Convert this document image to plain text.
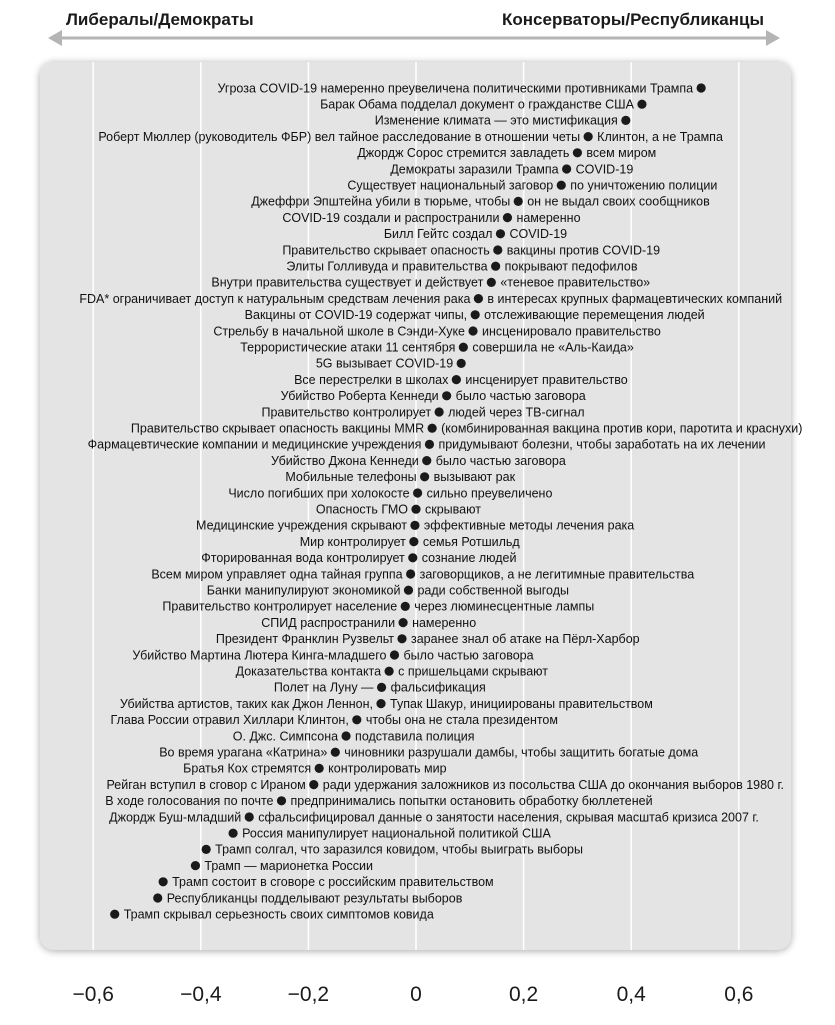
Либералы/Демократы	Консерваторы/Республиканцы
Угроза COVID-19 намеренно преувеличена политическими противниками Трампа
Барак Обама подделал документ о гражданстве США
Изменение климата — это мистификация
Роберт Мюллер (руководитель ФБР) вел тайное расследование в отношении четы Клинтон, а не Трампа
Джордж Сорос стремится завладеть всем миром
Демократы заразили Трампа COVID-19
Существует национальный заговор по уничтожению полиции
Джеффри Эпштейна убили в тюрьме, чтобы он не выдал своих сообщников
COVID-19 создали и распространили намеренно
Билл Гейтс создал COVID-19
Правительство скрывает опасность вакцины против COVID-19
Элиты Голливуда и правительства покрывают педофилов
Внутри правительства существует и действует «теневое правительство»
FDA* ограничивает доступ к натуральным средствам лечения рака в интересах крупных фармацевтических компаний
Вакцины от COVID-19 содержат чипы, отслеживающие перемещения людей
Стрельбу в начальной школе в Сэнди-Хуке инсценировало правительство
Террористические атаки 11 сентября совершила не «Аль-Каида»
5G вызывает COVID-19
Все перестрелки в школах инсценирует правительство
Убийство Роберта Кеннеди было частью заговора
Правительство контролирует людей через ТВ-сигнал
Правительство скрывает опасность вакцины MMR (комбинированная вакцина против кори, паротита и краснухи)
Фармацевтические компании и медицинские учреждения придумывают болезни, чтобы заработать на их лечении
Убийство Джона Кеннеди было частью заговора
Мобильные телефоны вызывают рак
Число погибших при холокосте сильно преувеличено
Опасность ГМО скрывают
Медицинские учреждения скрывают эффективные методы лечения рака
Мир контролирует семья Ротшильд
Фторированная вода контролирует сознание людей
Всем миром управляет одна тайная группа заговорщиков, а не легитимные правительства
Банки манипулируют экономикой ради собственной выгоды
Правительство контролирует население через люминесцентные лампы
СПИД распространили намеренно
Президент Франклин Рузвельт заранее знал об атаке на Пёрл-Харбор
Убийство Мартина Лютера Кинга-младшего было частью заговора
Доказательства контакта с пришельцами скрывают
Полет на Луну — фальсификация
Убийства артистов, таких как Джон Леннон, Тупак Шакур, инициированы правительством
Глава России отравил Хиллари Клинтон, чтобы она не стала президентом
О. Джс. Симпсона подставила полиция
Во время урагана «Катрина» чиновники разрушали дамбы, чтобы защитить богатые дома
Братья Кох стремятся контролировать мир
Рейган вступил в сговор с Ираном ради удержания заложников из посольства США до окончания выборов 1980 г.
В ходе голосования по почте предпринимались попытки остановить обработку бюллетеней
Джордж Буш-младший сфальсифицировал данные о занятости населения, скрывая масштаб кризиса 2007 г.
Россия манипулирует национальной политикой США
Трамп солгал, что заразился ковидом, чтобы выиграть выборы
Трамп — марионетка России
Трамп состоит в сговоре с российским правительством
Республиканцы подделывают результаты выборов
Трамп скрывал серьезность своих симптомов ковида
−0,6	−0,4	−0,2	0	0,2	0,4	0,6
